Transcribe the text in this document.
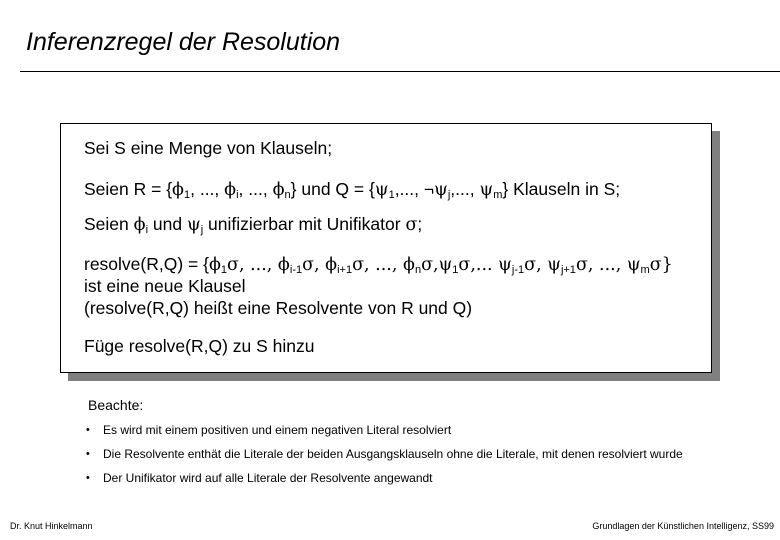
Inferenzregel der Resolution
Sei S eine Menge von Klauseln;
Seien $R = \{\phi_1$, ..., $\phi_i$, ..., $\phi_n$} und $Q = \{\psi_1$,..., $\neg\psi_j$,..., $\psi_m$} Klauseln in S;
Seien $\phi_i$ und $\psi_j$ unifizierbar mit Unifikator σ;
resolve(R,Q) = {$\phi_1\sigma$, ..., $\phi_{i-1}\sigma$, $\phi_{i+1}\sigma$, ..., $\phi_n\sigma,\psi_1\sigma$,... $\psi_{j-1}\sigma$, $\psi_{j+1}\sigma$, ..., $\psi_m\sigma$}
ist eine neue Klausel
(resolve(R,Q) heißt eine Resolvente von R und Q)
Füge resolve(R,Q) zu S hinzu
Beachte:
• Es wird mit einem positiven und einem negativen Literal resolviert
• Die Resolvente enthät die Literale der beiden Ausgangsklauseln ohne die Literale, mit denen resolviert wurde
• Der Unifikator wird auf alle Literale der Resolvente angewandt
Dr. Knut Hinkelmann	Grundlagen der Künstlichen Intelligenz, SS99
